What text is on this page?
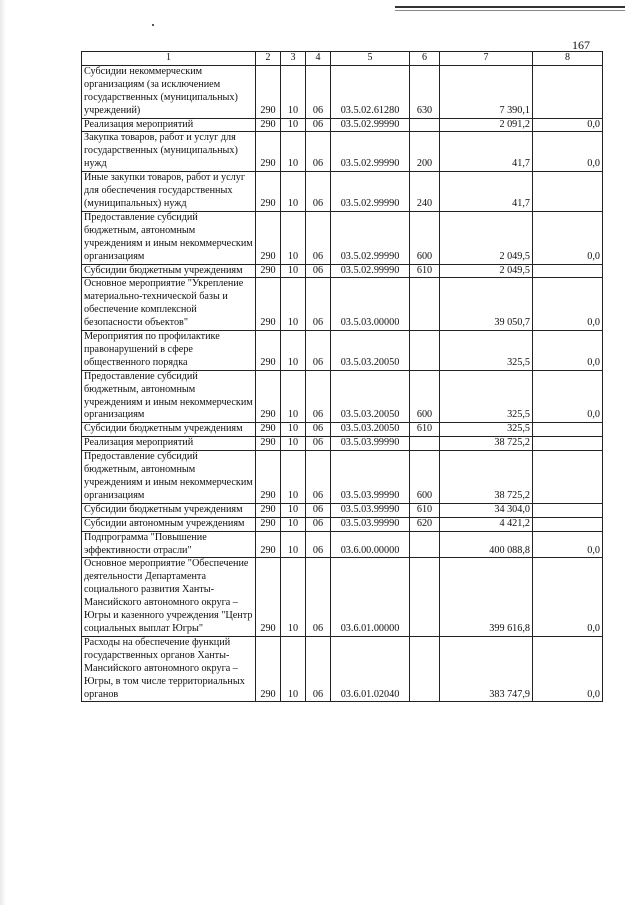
167
1	2	3	4	5	6	7	8
Субсидии некоммерческим организациям (за исключением государственных (муниципальных) учреждений)	290	10	06	03.5.02.61280	630	7 390,1	
Реализация мероприятий	290	10	06	03.5.02.99990		2 091,2	0,0
Закупка товаров, работ и услуг для государственных (муниципальных) нужд	290	10	06	03.5.02.99990	200	41,7	0,0
Иные закупки товаров, работ и услуг для обеспечения государственных (муниципальных) нужд	290	10	06	03.5.02.99990	240	41,7	
Предоставление субсидий бюджетным, автономным учреждениям и иным некоммерческим организациям	290	10	06	03.5.02.99990	600	2 049,5	0,0
Субсидии бюджетным учреждениям	290	10	06	03.5.02.99990	610	2 049,5	
Основное мероприятие "Укрепление материально-технической базы и обеспечение комплексной безопасности объектов"	290	10	06	03.5.03.00000		39 050,7	0,0
Мероприятия по профилактике правонарушений в сфере общественного порядка	290	10	06	03.5.03.20050		325,5	0,0
Предоставление субсидий бюджетным, автономным учреждениям и иным некоммерческим организациям	290	10	06	03.5.03.20050	600	325,5	0,0
Субсидии бюджетным учреждениям	290	10	06	03.5.03.20050	610	325,5	
Реализация мероприятий	290	10	06	03.5.03.99990		38 725,2	
Предоставление субсидий бюджетным, автономным учреждениям и иным некоммерческим организациям	290	10	06	03.5.03.99990	600	38 725,2	
Субсидии бюджетным учреждениям	290	10	06	03.5.03.99990	610	34 304,0	
Субсидии автономным учреждениям	290	10	06	03.5.03.99990	620	4 421,2	
Подпрограмма "Повышение эффективности отрасли"	290	10	06	03.6.00.00000		400 088,8	0,0
Основное мероприятие "Обеспечение деятельности Департамента социального развития Ханты-Мансийского автономного округа – Югры и казенного учреждения "Центр социальных выплат Югры"	290	10	06	03.6.01.00000		399 616,8	0,0
Расходы на обеспечение функций государственных органов Ханты-Мансийского автономного округа – Югры, в том числе территориальных органов	290	10	06	03.6.01.02040		383 747,9	0,0
